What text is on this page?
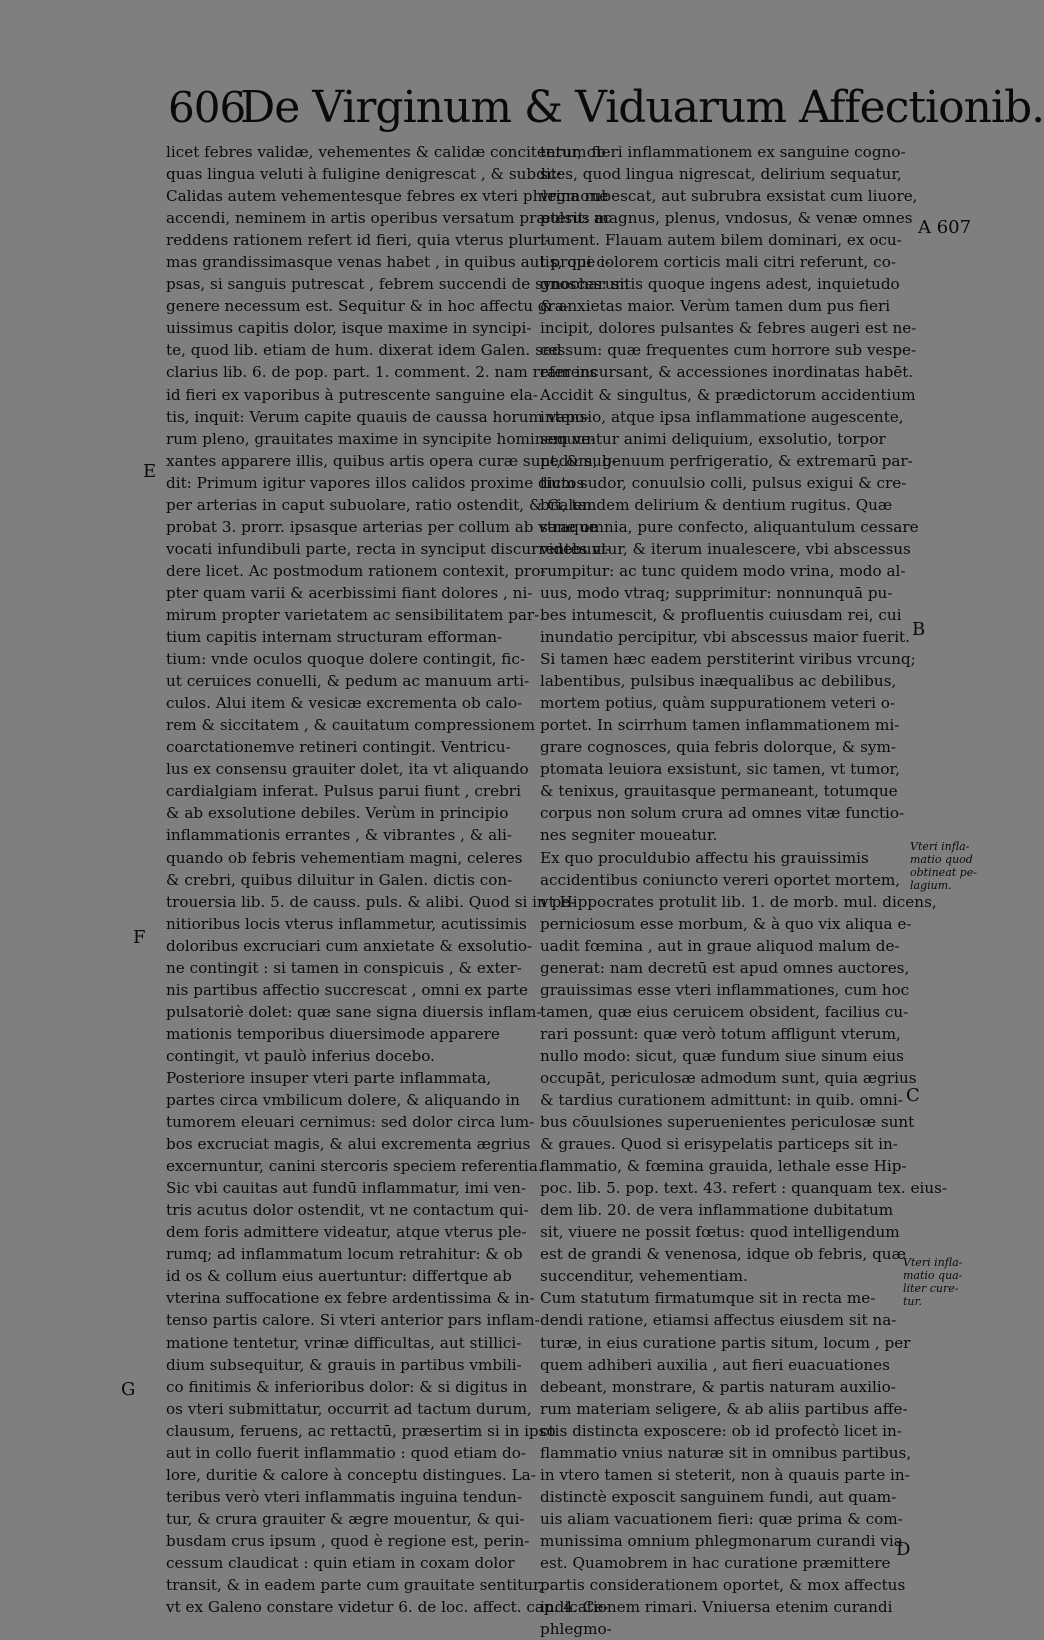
606
De Virginum & Viduarum Affectionib.
licet febres validæ, vehementes & calidæ concitentur, ob
quas lingua veluti à fuligine denigrescat , & subdit:
Calidas autem vehementesque febres ex vteri phlegmone
accendi, neminem in artis operibus versatum præterit: ac
reddens rationem refert id fieri, quia vterus pluri-
mas grandissimasque venas habet , in quibus aut prope i-
psas, si sanguis putrescat , febrem succendi de synocharum
genere necessum est. Sequitur & in hoc affectu gra-
uissimus capitis dolor, isque maxime in syncipi-
te, quod lib. etiam de hum. dixerat idem Galen. sed
clarius lib. 6. de pop. part. 1. comment. 2. nam referens
id fieri ex vaporibus à putrescente sanguine ela-
tis, inquit: Verum capite quauis de caussa horum vapo-
rum pleno, grauitates maxime in syncipite hominem ve-
xantes apparere illis, quibus artis opera curæ sunt, & sub-
dit: Primum igitur vapores illos calidos proxime dictos
per arterias in caput subuolare, ratio ostendit, & Galen.
probat 3. prorr. ipsasque arterias per collum ab vtraque
vocati infundibuli parte, recta in synciput discurrentes vi-
dere licet. Ac postmodum rationem contexit, pro-
pter quam varii & acerbissimi fiant dolores , ni-
mirum propter varietatem ac sensibilitatem par-
tium capitis internam structuram efforman-
tium: vnde oculos quoque dolere contingit, fic-
ut ceruices conuelli, & pedum ac manuum arti-
culos. Alui item & vesicæ excrementa ob calo-
rem & siccitatem , & cauitatum compressionem
coarctationemve retineri contingit. Ventricu-
lus ex consensu grauiter dolet, ita vt aliquando
cardialgiam inferat. Pulsus parui fiunt , crebri
& ab exsolutione debiles. Verùm in principio
inflammationis errantes , & vibrantes , & ali-
quando ob febris vehementiam magni, celeres
& crebri, quibus diluitur in Galen. dictis con-
trouersia lib. 5. de causs. puls. & alibi. Quod si in pe-
nitioribus locis vterus inflammetur, acutissimis
doloribus excruciari cum anxietate & exsolutio-
ne contingit : si tamen in conspicuis , & exter-
nis partibus affectio succrescat , omni ex parte
pulsatoriè dolet: quæ sane signa diuersis inflam-
mationis temporibus diuersimode apparere
contingit, vt paulò inferius docebo.
Posteriore insuper vteri parte inflammata,
partes circa vmbilicum dolere, & aliquando in
tumorem eleuari cernimus: sed dolor circa lum-
bos excruciat magis, & alui excrementa ægrius
excernuntur, canini stercoris speciem referentia.
Sic vbi cauitas aut fundū inflammatur, imi ven-
tris acutus dolor ostendit, vt ne contactum qui-
dem foris admittere videatur, atque vterus ple-
rumq; ad inflammatum locum retrahitur: & ob
id os & collum eius auertuntur: differtque ab
vterina suffocatione ex febre ardentissima & in-
tenso partis calore. Si vteri anterior pars inflam-
matione tentetur, vrinæ difficultas, aut stillici-
dium subsequitur, & grauis in partibus vmbili-
co finitimis & inferioribus dolor: & si digitus in
os vteri submittatur, occurrit ad tactum durum,
clausum, feruens, ac rettactū, præsertim si in ipso
aut in collo fuerit inflammatio : quod etiam do-
lore, duritie & calore à conceptu distingues. La-
teribus verò vteri inflammatis inguina tendun-
tur, & crura grauiter & ægre mouentur, & qui-
busdam crus ipsum , quod è regione est, perin-
cessum claudicat : quin etiam in coxam dolor
transit, & in eadem parte cum grauitate sentitur,
vt ex Galeno constare videtur 6. de loc. affect. cap. 4. Ce-
terum fieri inflammationem ex sanguine cogno-
sces, quod lingua nigrescat, delirium sequatur,
vrina rubescat, aut subrubra exsistat cum liuore,
pulsus magnus, plenus, vndosus, & venæ omnes
tument. Flauam autem bilem dominari, ex ocu-
lis, qui colorem corticis mali citri referunt, co-
gnosces: sitis quoque ingens adest, inquietudo
& anxietas maior. Verùm tamen dum pus fieri
incipit, dolores pulsantes & febres augeri est ne-
cessum: quæ frequentes cum horrore sub vespe-
ram incursant, & accessiones inordinatas habēt.
Accidit & singultus, & prædictorum accidentium
intensio, atque ipsa inflammatione augescente,
sequuntur animi deliquium, exsolutio, torpor
pedum, genuum perfrigeratio, & extremarū par-
tium sudor, conuulsio colli, pulsus exigui & cre-
bri, tandem delirium & dentium rugitus. Quæ
sane omnia, pure confecto, aliquantulum cessare
videbuntur, & iterum inualescere, vbi abscessus
rumpitur: ac tunc quidem modo vrina, modo al-
uus, modo vtraq; supprimitur: nonnunquā pu-
bes intumescit, & profluentis cuiusdam rei, cui
inundatio percipitur, vbi abscessus maior fuerit.
Si tamen hæc eadem perstiterint viribus vrcunq;
labentibus, pulsibus inæqualibus ac debilibus,
mortem potius, quàm suppurationem veteri o-
portet. In scirrhum tamen inflammationem mi-
grare cognosces, quia febris dolorque, & sym-
ptomata leuiora exsistunt, sic tamen, vt tumor,
& tenixus, grauitasque permaneant, totumque
corpus non solum crura ad omnes vitæ functio-
nes segniter moueatur.
Ex quo proculdubio affectu his grauissimis
accidentibus coniuncto vereri oportet mortem,
vt Hippocrates protulit lib. 1. de morb. mul. dicens,
perniciosum esse morbum, & à quo vix aliqua e-
uadit fœmina , aut in graue aliquod malum de-
generat: nam decretū est apud omnes auctores,
grauissimas esse vteri inflammationes, cum hoc
tamen, quæ eius ceruicem obsident, facilius cu-
rari possunt: quæ verò totum affligunt vterum,
nullo modo: sicut, quæ fundum siue sinum eius
occupāt, periculosæ admodum sunt, quia ægrius
& tardius curationem admittunt: in quib. omni-
bus cōuulsiones superuenientes periculosæ sunt
& graues. Quod si erisypelatis particeps sit in-
flammatio, & fœmina grauida, lethale esse Hip-
poc. lib. 5. pop. text. 43. refert : quanquam tex. eius-
dem lib. 20. de vera inflammatione dubitatum
sit, viuere ne possit fœtus: quod intelligendum
est de grandi & venenosa, idque ob febris, quæ
succenditur, vehementiam.
Cum statutum firmatumque sit in recta me-
dendi ratione, etiamsi affectus eiusdem sit na-
turæ, in eius curatione partis situm, locum , per
quem adhiberi auxilia , aut fieri euacuationes
debeant, monstrare, & partis naturam auxilio-
rum materiam seligere, & ab aliis partibus affe-
ctis distincta exposcere: ob id profectò licet in-
flammatio vnius naturæ sit in omnibus partibus,
in vtero tamen si steterit, non à quauis parte in-
distinctè exposcit sanguinem fundi, aut quam-
uis aliam vacuationem fieri: quæ prima & com-
munissima omnium phlegmonarum curandi via
est. Quamobrem in hac curatione præmittere
partis considerationem oportet, & mox affectus
indicationem rimari. Vniuersa etenim curandi
phlegmo-
E
F
G
A 607
B
C
D
Vteri infla-
matio quod
obtineat pe-
lagium.
Vteri infla-
matio qua-
liter cure-
tur.
